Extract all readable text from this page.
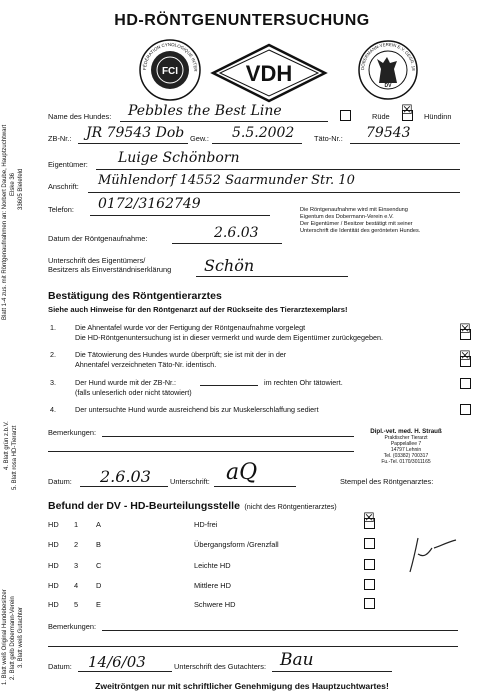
HD-RÖNTGENUNTERSUCHUNG
FCI
FÉDÉRATION CYNOLOGIQUE INTER VDH	DV
DOBERMANN-VEREIN E.V. GEGR. 18
Name des Hundes: Pebbles the Best Line	Rüde ☒ Hündinn
ZB-Nr.: JR 79543 Dob Gew.: 5.5.2002	Täto-Nr.: 79543
Eigentümer: Luige Schönborn
Anschrift: Mühlendorf 14552 Saarmunder Str. 10
Telefon: 0172/3162749	Die Röntgenaufnahme wird mit Einsendung
Eigentum des Dobermann-Verein e.V.
Der Eigentümer / Besitzer bestätigt mit seiner
Unterschrift die Identität des gerönteten Hundes.
Datum der Röntgenaufnahme:	2.6.03
Unterschrift des Eigentümers/
Besitzers als Einverständniserklärung Schön
Bestätigung des Röntgentierarztes
Siehe auch Hinweise für den Röntgenarzt auf der Rückseite des Tierarztexemplars!
1.	Die Ahnentafel wurde vor der Fertigung der Röntgenaufnahme vorgelegt
Die HD-Röntgenuntersuchung ist in dieser vermerkt und wurde dem Eigentümer zurückgegeben.
☒
2.	Die Tätowierung des Hundes wurde überprüft; sie ist mit der in der
Ahnentafel verzeichneten Täto-Nr. identisch.
☒
3.	Der Hund wurde mit der ZB-Nr.:	im rechten Ohr tätowiert.
(falls unleserlich oder nicht tätowiert)
4.	Der untersuchte Hund wurde ausreichend bis zur Muskelerschlaffung sediert
Bemerkungen:	Dipl.-vet. med. H. Strauß
Praktischer Tierarzt
Pappelallee 7
14797 Lehnin
Tel. (03382) 700317
Fu.-Tel. 0170/3011165
Datum: 2.6.03	Unterschrift: aQ	Stempel des Röntgenarztes:
Befund der DV - HD-Beurteilungsstelle (nicht des Röntgentierarztes)
HD 1 A	HD-frei	☒
HD 2 B	Übergangsform /Grenzfall
HD 3 C	Leichte HD
HD 4 D	Mittlere HD
HD 5 E	Schwere HD
Bemerkungen:
Datum: 14/6/03	Unterschrift des Gutachters: Bau
Zweitröntgen nur mit schriftlicher Genehmigung des Hauptzuchtwartes!
Blatt 1-4 zus. mit Röntgenaufnahmen an: Norbert Daube, Hauptzuchtwart Elske 36 33605 Bielefeld
4. Blatt grün z.b.V. 5. Blatt rosa HD-Tierarzt
1. Blatt weiß Original Hundebesitzer 2. Blatt gelb Dobermann-Verein 3. Blatt weiß Gutachter
